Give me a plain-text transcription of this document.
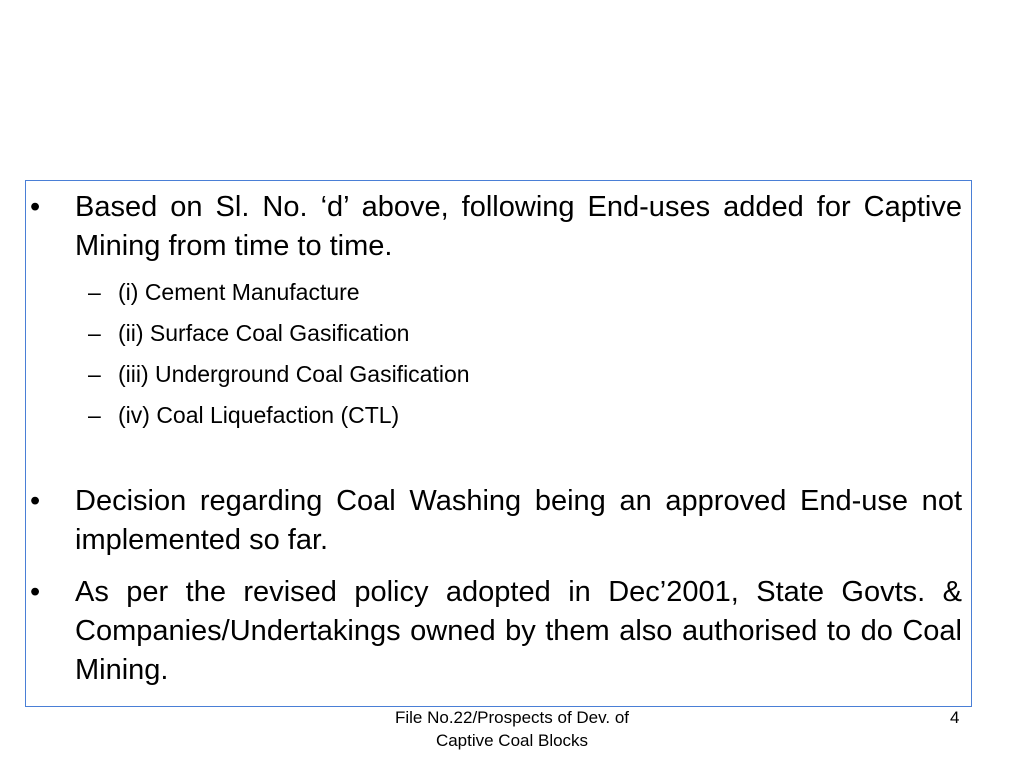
•	Based on Sl. No. ‘d’ above, following End-uses added for Captive Mining from time to time.
– (i) Cement Manufacture
– (ii) Surface Coal Gasification
– (iii) Underground Coal Gasification
– (iv) Coal Liquefaction (CTL)
•	Decision regarding Coal Washing being an approved End-use not implemented so far.
•	As per the revised policy adopted in Dec’2001, State Govts. & Companies/Undertakings owned by them also authorised to do Coal Mining.
File No.22/Prospects of Dev. of
Captive Coal Blocks
4
